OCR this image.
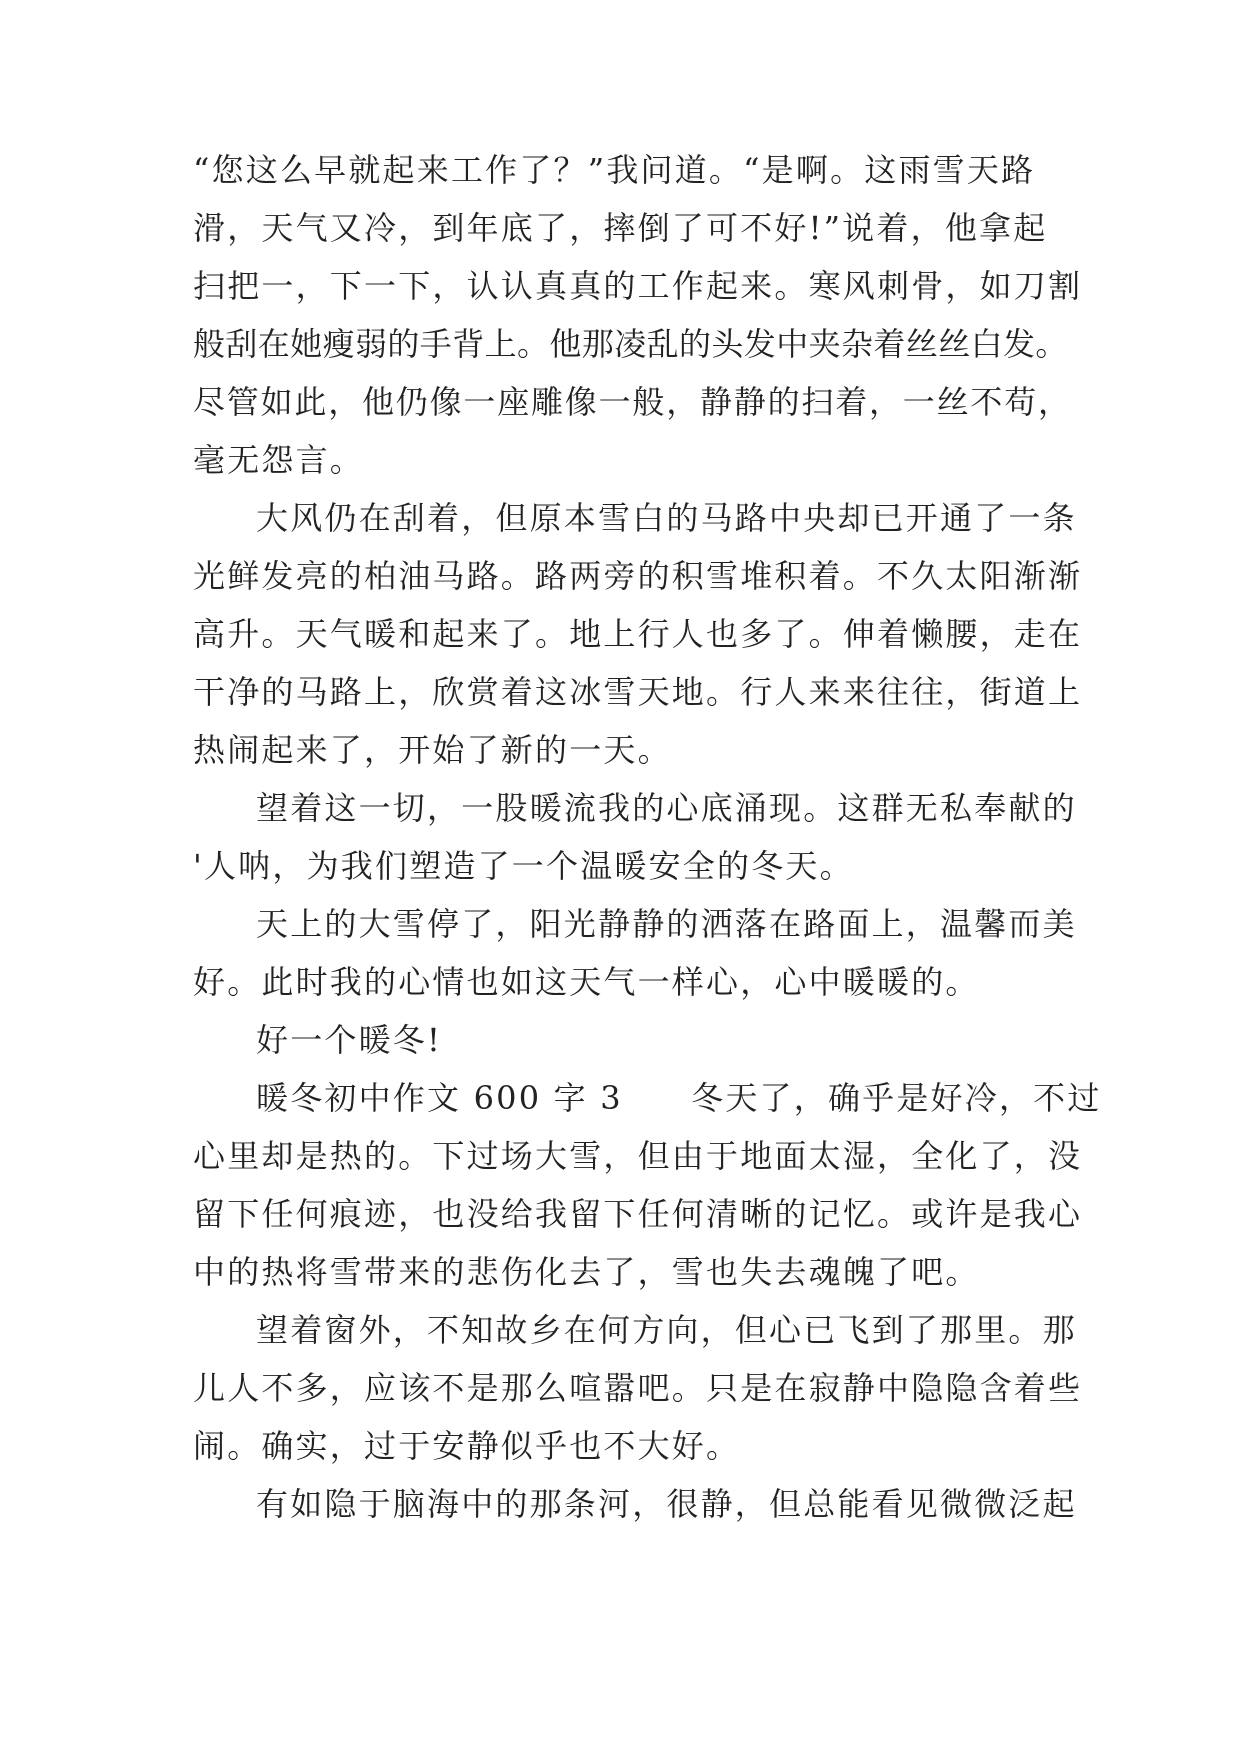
“您这么早就起来工作了？”我问道。“是啊。这雨雪天路
滑，天气又冷，到年底了，摔倒了可不好!”说着，他拿起
扫把一，下一下，认认真真的工作起来。寒风刺骨，如刀割
般刮在她瘦弱的手背上。他那凌乱的头发中夹杂着丝丝白发。
尽管如此，他仍像一座雕像一般，静静的扫着，一丝不苟，
毫无怨言。
大风仍在刮着，但原本雪白的马路中央却已开通了一条
光鲜发亮的柏油马路。路两旁的积雪堆积着。不久太阳渐渐
高升。天气暖和起来了。地上行人也多了。伸着懒腰，走在
干净的马路上，欣赏着这冰雪天地。行人来来往往，街道上
热闹起来了，开始了新的一天。
望着这一切，一股暖流我的心底涌现。这群无私奉献的
'人呐，为我们塑造了一个温暖安全的冬天。
天上的大雪停了，阳光静静的洒落在路面上，温馨而美
好。此时我的心情也如这天气一样心，心中暖暖的。
好一个暖冬!
暖冬初中作文 600 字 3　　冬天了，确乎是好冷，不过
心里却是热的。下过场大雪，但由于地面太湿，全化了，没
留下任何痕迹，也没给我留下任何清晰的记忆。或许是我心
中的热将雪带来的悲伤化去了，雪也失去魂魄了吧。
望着窗外，不知故乡在何方向，但心已飞到了那里。那
儿人不多，应该不是那么喧嚣吧。只是在寂静中隐隐含着些
闹。确实，过于安静似乎也不大好。
有如隐于脑海中的那条河，很静，但总能看见微微泛起
